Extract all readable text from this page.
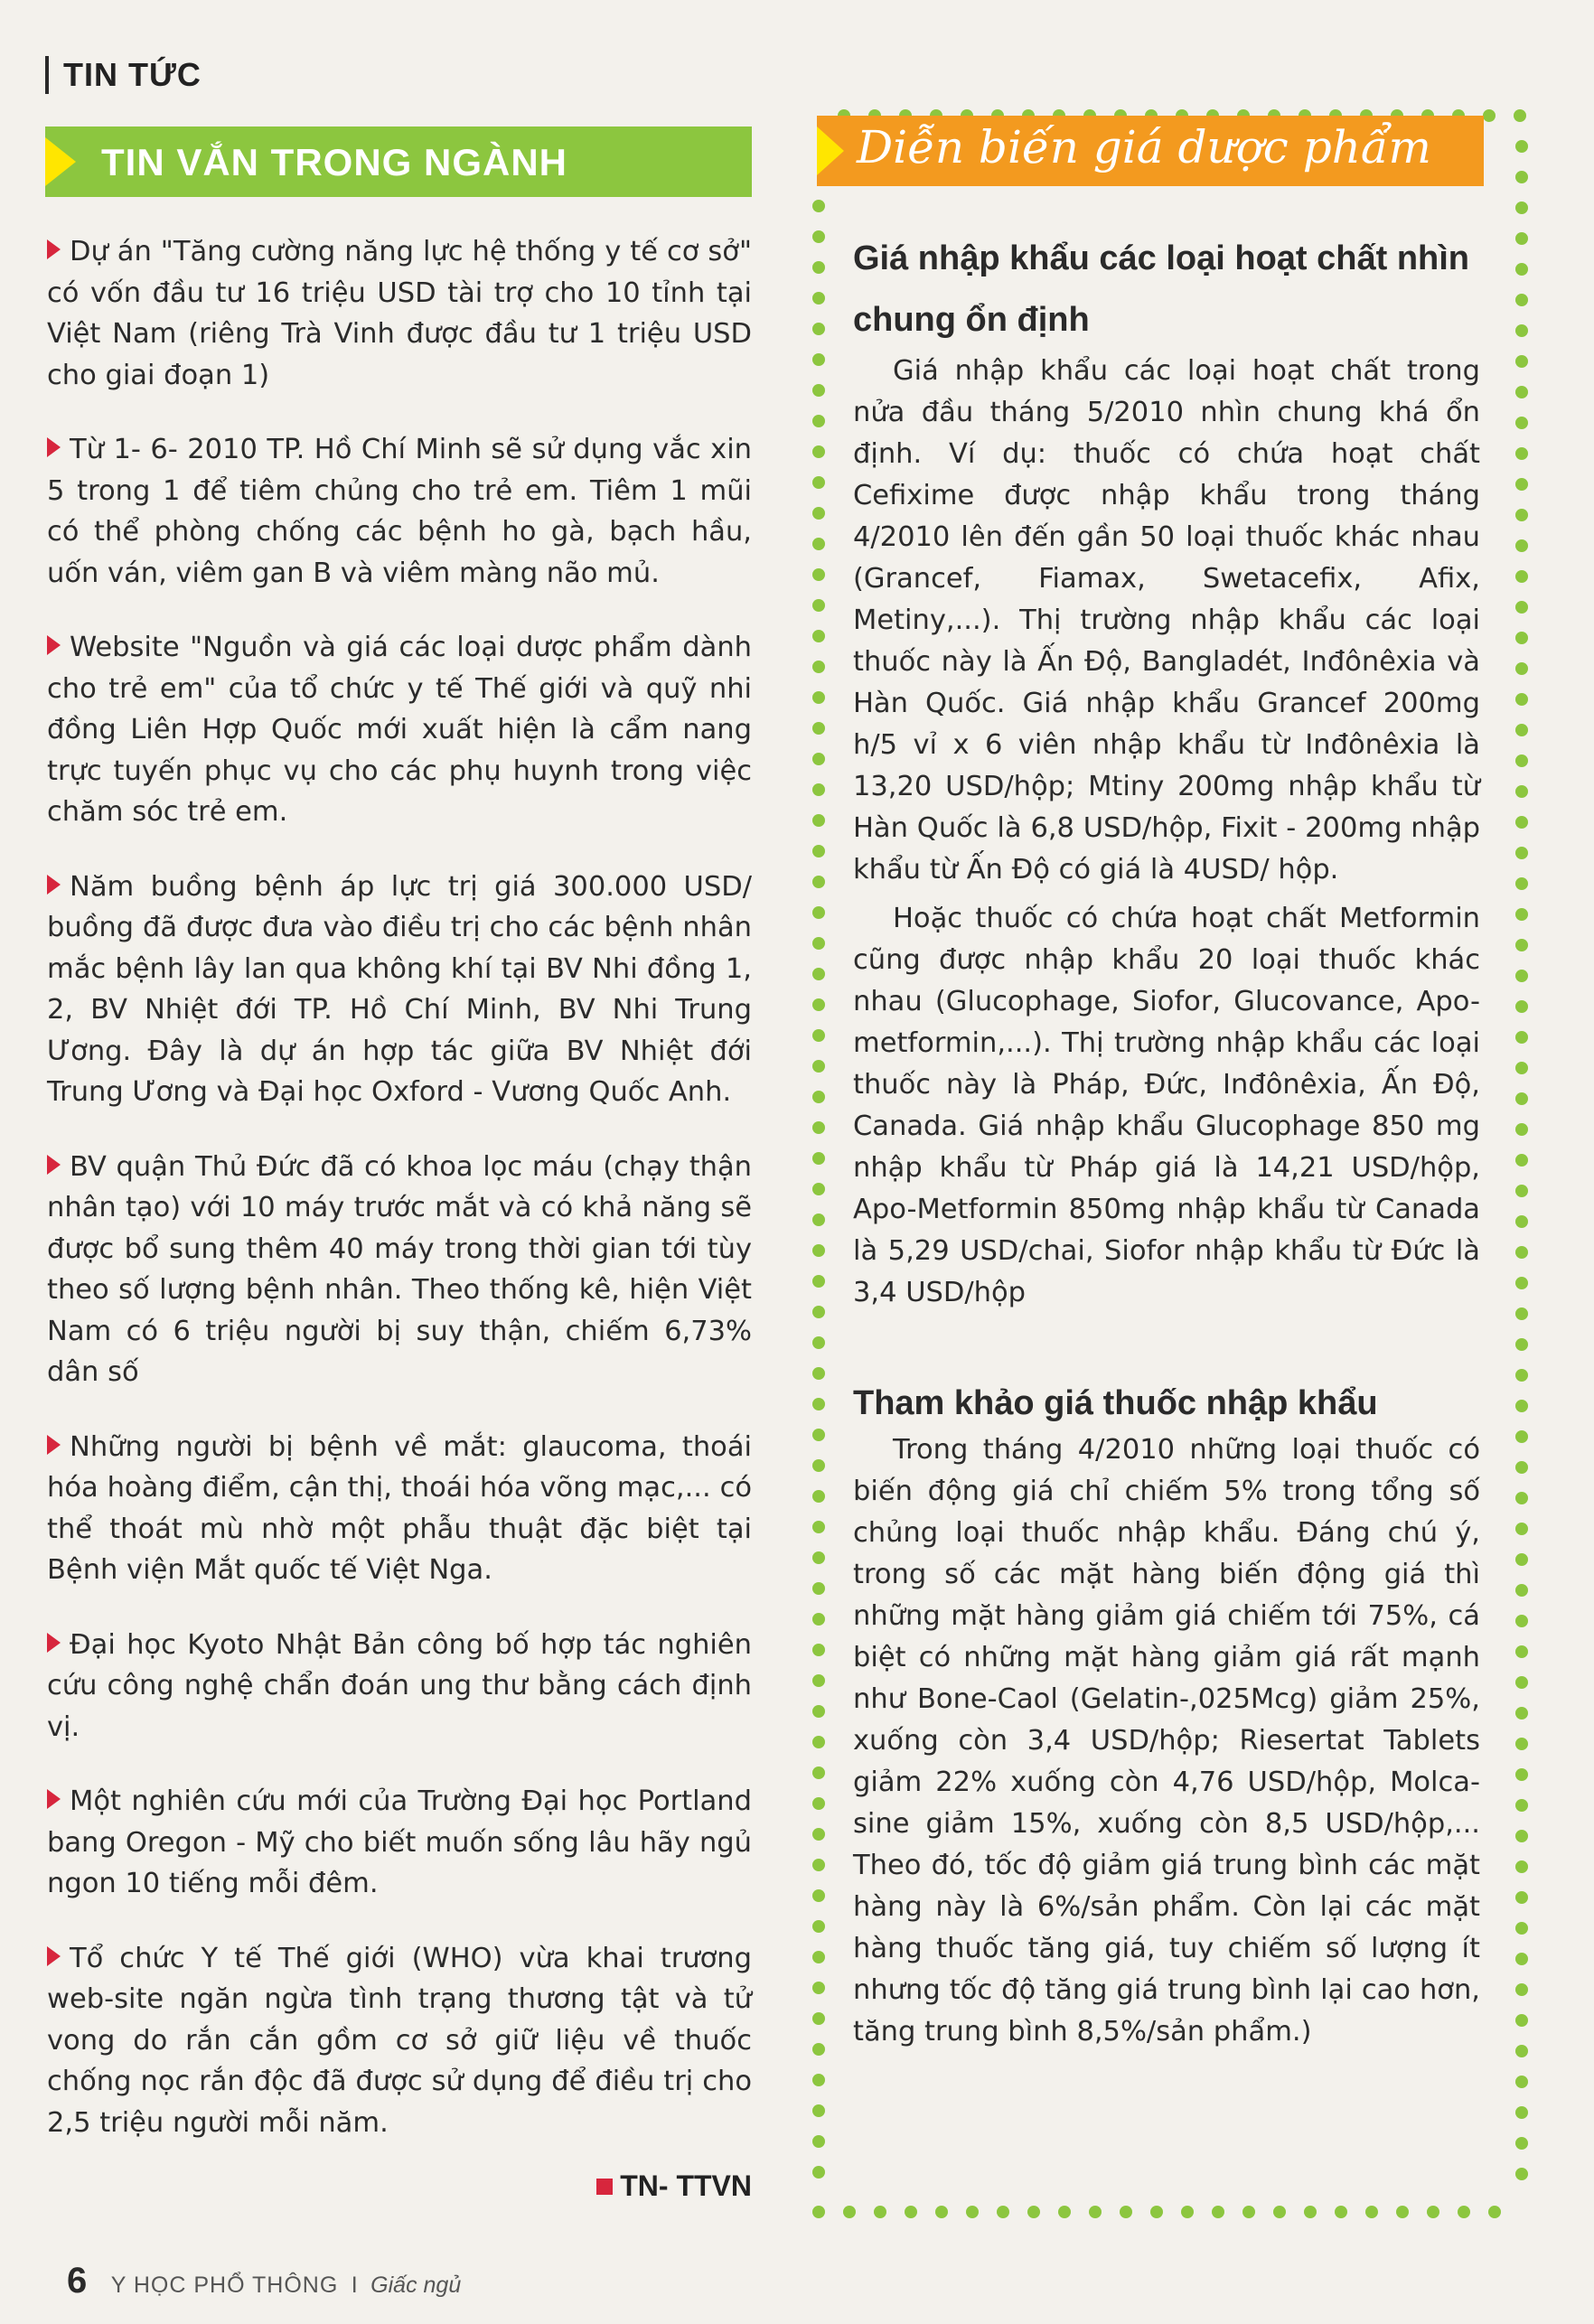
TIN TỨC
TIN VẮN TRONG NGÀNH

Dự án "Tăng cường năng lực hệ thống y tế cơ sở" có vốn đầu tư 16 triệu USD tài trợ cho 10 tỉnh tại Việt Nam (riêng Trà Vinh được đầu tư 1 triệu USD cho giai đoạn 1)

Từ 1- 6- 2010 TP. Hồ Chí Minh sẽ sử dụng vắc xin 5 trong 1 để tiêm chủng cho trẻ em. Tiêm 1 mũi có thể phòng chống các bệnh ho gà, bạch hầu, uốn ván, viêm gan B và viêm màng não mủ.

Website "Nguồn và giá các loại dược phẩm dành cho trẻ em" của tổ chức y tế Thế giới và quỹ nhi đồng Liên Hợp Quốc mới xuất hiện là cẩm nang trực tuyến phục vụ cho các phụ huynh trong việc chăm sóc trẻ em.

Năm buồng bệnh áp lực trị giá 300.000 USD/ buồng đã được đưa vào điều trị cho các bệnh nhân mắc bệnh lây lan qua không khí tại BV Nhi đồng 1, 2, BV Nhiệt đới TP. Hồ Chí Minh, BV Nhi Trung Ương. Đây là dự án hợp tác giữa BV Nhiệt đới Trung Ương và Đại học Oxford - Vương Quốc Anh.

BV quận Thủ Đức đã có khoa lọc máu (chạy thận nhân tạo) với 10 máy trước mắt và có khả năng sẽ được bổ sung thêm 40 máy trong thời gian tới tùy theo số lượng bệnh nhân. Theo thống kê, hiện Việt Nam có 6 triệu người bị suy thận, chiếm 6,73% dân số

Những người bị bệnh về mắt: glaucoma, thoái hóa hoàng điểm, cận thị, thoái hóa võng mạc,... có thể thoát mù nhờ một phẫu thuật đặc biệt tại Bệnh viện Mắt quốc tế Việt Nga.

Đại học Kyoto Nhật Bản công bố hợp tác nghiên cứu công nghệ chẩn đoán ung thư bằng cách định vị.

Một nghiên cứu mới của Trường Đại học Portland bang Oregon - Mỹ cho biết muốn sống lâu hãy ngủ ngon 10 tiếng mỗi đêm.

Tổ chức Y tế Thế giới (WHO) vừa khai trương web-site ngăn ngừa tình trạng thương tật và tử vong do rắn cắn gồm cơ sở giữ liệu về thuốc chống nọc rắn độc đã được sử dụng để điều trị cho 2,5 triệu người mỗi năm.

TN- TTVN
Diễn biến giá dược phẩm
Giá nhập khẩu các loại hoạt chất nhìn chung ổn định

Giá nhập khẩu các loại hoạt chất trong nửa đầu tháng 5/2010 nhìn chung khá ổn định. Ví dụ: thuốc có chứa hoạt chất Cefixime được nhập khẩu trong tháng 4/2010 lên đến gần 50 loại thuốc khác nhau (Grancef, Fiamax, Swetacefix, Afix, Metiny,...). Thị trường nhập khẩu các loại thuốc này là Ấn Độ, Bangladét, Inđônêxia và Hàn Quốc. Giá nhập khẩu Grancef 200mg h/5 vỉ x 6 viên nhập khẩu từ Inđônêxia là 13,20 USD/hộp; Mtiny 200mg nhập khẩu từ Hàn Quốc là 6,8 USD/hộp, Fixit - 200mg nhập khẩu từ Ấn Độ có giá là 4USD/ hộp.

Hoặc thuốc có chứa hoạt chất Metformin cũng được nhập khẩu 20 loại thuốc khác nhau (Glucophage, Siofor, Glucovance, Apo-metformin,...). Thị trường nhập khẩu các loại thuốc này là Pháp, Đức, Inđônêxia, Ấn Độ, Canada. Giá nhập khẩu Glucophage 850 mg nhập khẩu từ Pháp giá là 14,21 USD/hộp, Apo-Metformin 850mg nhập khẩu từ Canada là 5,29 USD/chai, Siofor nhập khẩu từ Đức là 3,4 USD/hộp

Tham khảo giá thuốc nhập khẩu

Trong tháng 4/2010 những loại thuốc có biến động giá chỉ chiếm 5% trong tổng số chủng loại thuốc nhập khẩu. Đáng chú ý, trong số các mặt hàng biến động giá thì những mặt hàng giảm giá chiếm tới 75%, cá biệt có những mặt hàng giảm giá rất mạnh như Bone-Caol (Gelatin-,025Mcg) giảm 25%, xuống còn 3,4 USD/hộp; Riesertat Tablets giảm 22% xuống còn 4,76 USD/hộp, Molca-sine giảm 15%, xuống còn 8,5 USD/hộp,... Theo đó, tốc độ giảm giá trung bình các mặt hàng này là 6%/sản phẩm. Còn lại các mặt hàng thuốc tăng giá, tuy chiếm số lượng ít nhưng tốc độ tăng giá trung bình lại cao hơn, tăng trung bình 8,5%/sản phẩm.)

6 Y HỌC PHỔ THÔNG I Giấc ngủ
